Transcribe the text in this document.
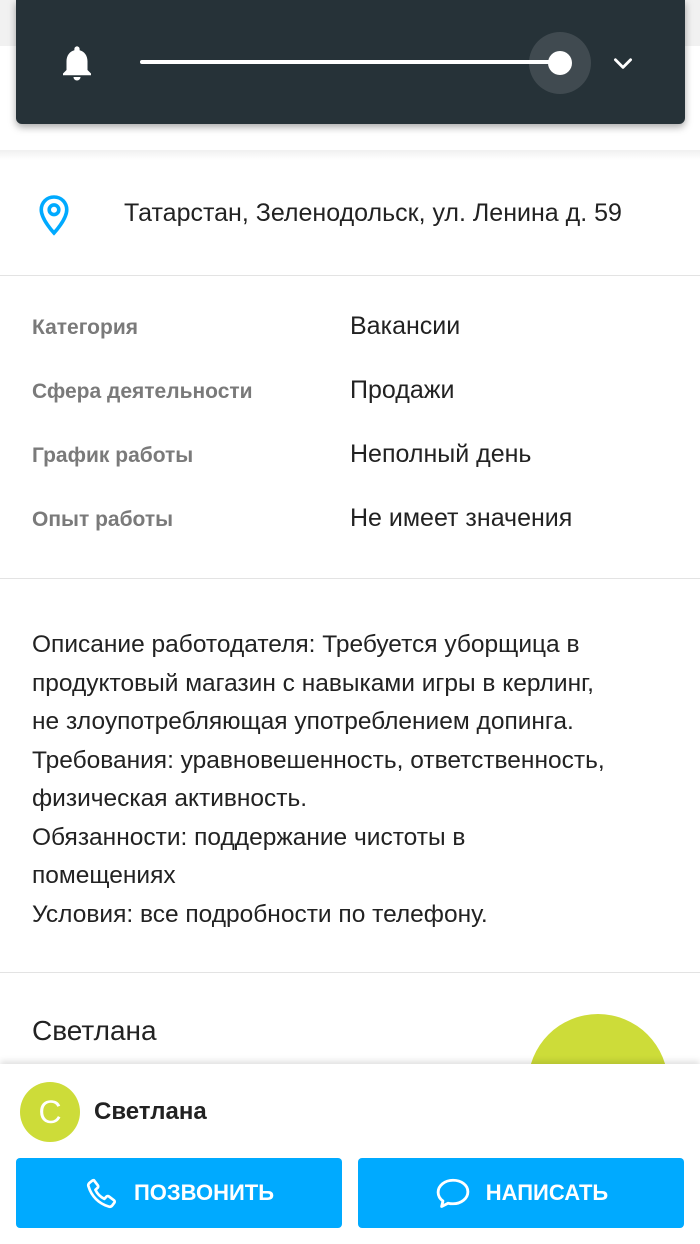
Татарстан, Зеленодольск, ул. Ленина д. 59
Категория	Вакансии
Сфера деятельности	Продажи
График работы	Неполный день
Опыт работы	Не имеет значения
Описание работодателя: Требуется уборщица в
продуктовый магазин с навыками игры в керлинг,
не злоупотребляющая употреблением допинга.
Требования: уравновешенность, ответственность,
физическая активность.
Обязанности: поддержание чистоты в
помещениях
Условия: все подробности по телефону.
Светлана
С	Светлана
ПОЗВОНИТЬ	НАПИСАТЬ
